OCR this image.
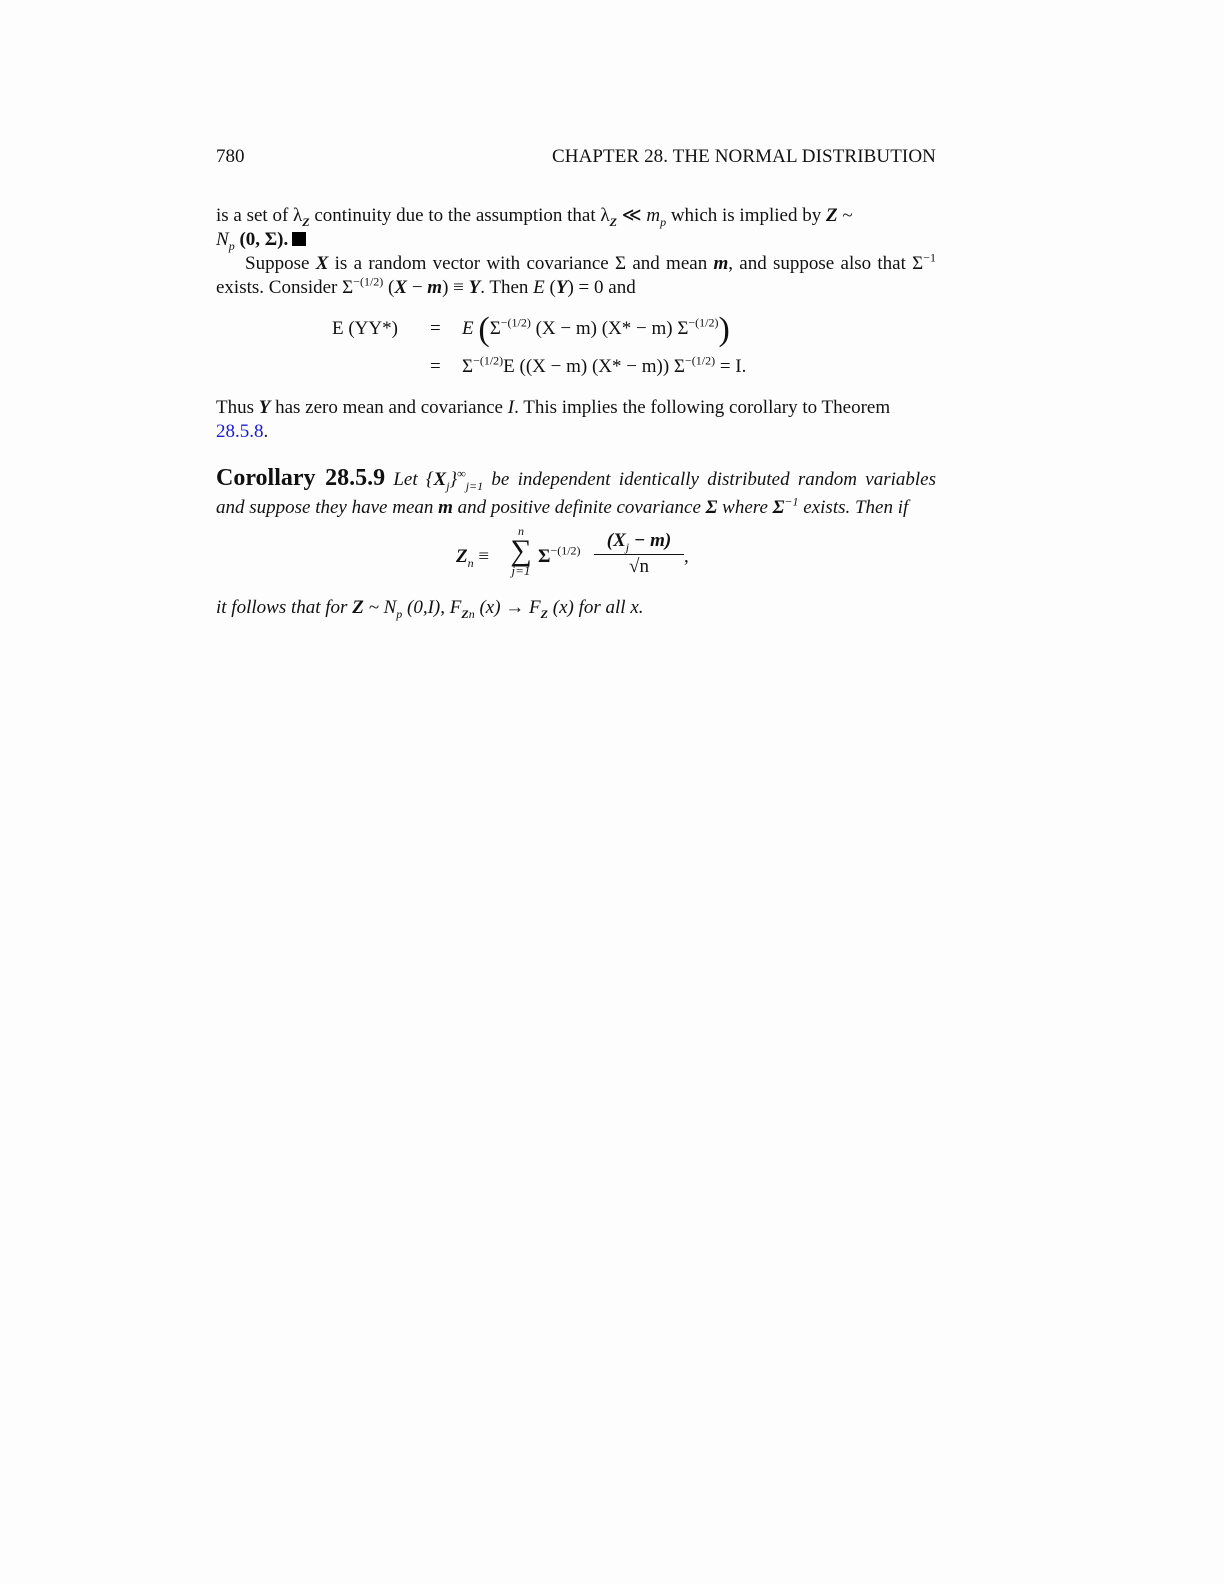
780	CHAPTER 28. THE NORMAL DISTRIBUTION

is a set of $\lambda_Z$ continuity due to the assumption that $\lambda_Z$ ≪ $m_p$ which is implied by Z ~
$N_p$ (0, Σ).

Suppose X is a random vector with covariance Σ and mean m, and suppose also that $\Sigma^{-1}$ exists. Consider $\Sigma^{-(1/2)}$ (X − m) ≡ Y. Then E (Y) = 0 and

E (YY*) = E ($\Sigma^{-(1/2)}$ (X − m) (X* − m) $\Sigma^{-(1/2)}$)
= $\Sigma^{-(1/2)}E$ ((X − m) (X* − m)) $\Sigma^{-(1/2)} = I$.

Thus Y has zero mean and covariance I. This implies the following corollary to Theorem
28.5.8.

Corollary 28.5.9 Let $\{X_j\}^\infty_{j=1}$ be independent identically distributed random variables and suppose they have mean m and positive definite covariance Σ where $\Sigma^{-1}$ exists. Then if

$Z_n$ ≡
n
∑
j=1
$\Sigma^{-(1/2)} \frac{(X_j - m)}{√n}$ ,

it follows that for Z ~ $N_p$ (0,I), $F_{Zn}$ $(x) \to F_Z$ (x) for all x.
